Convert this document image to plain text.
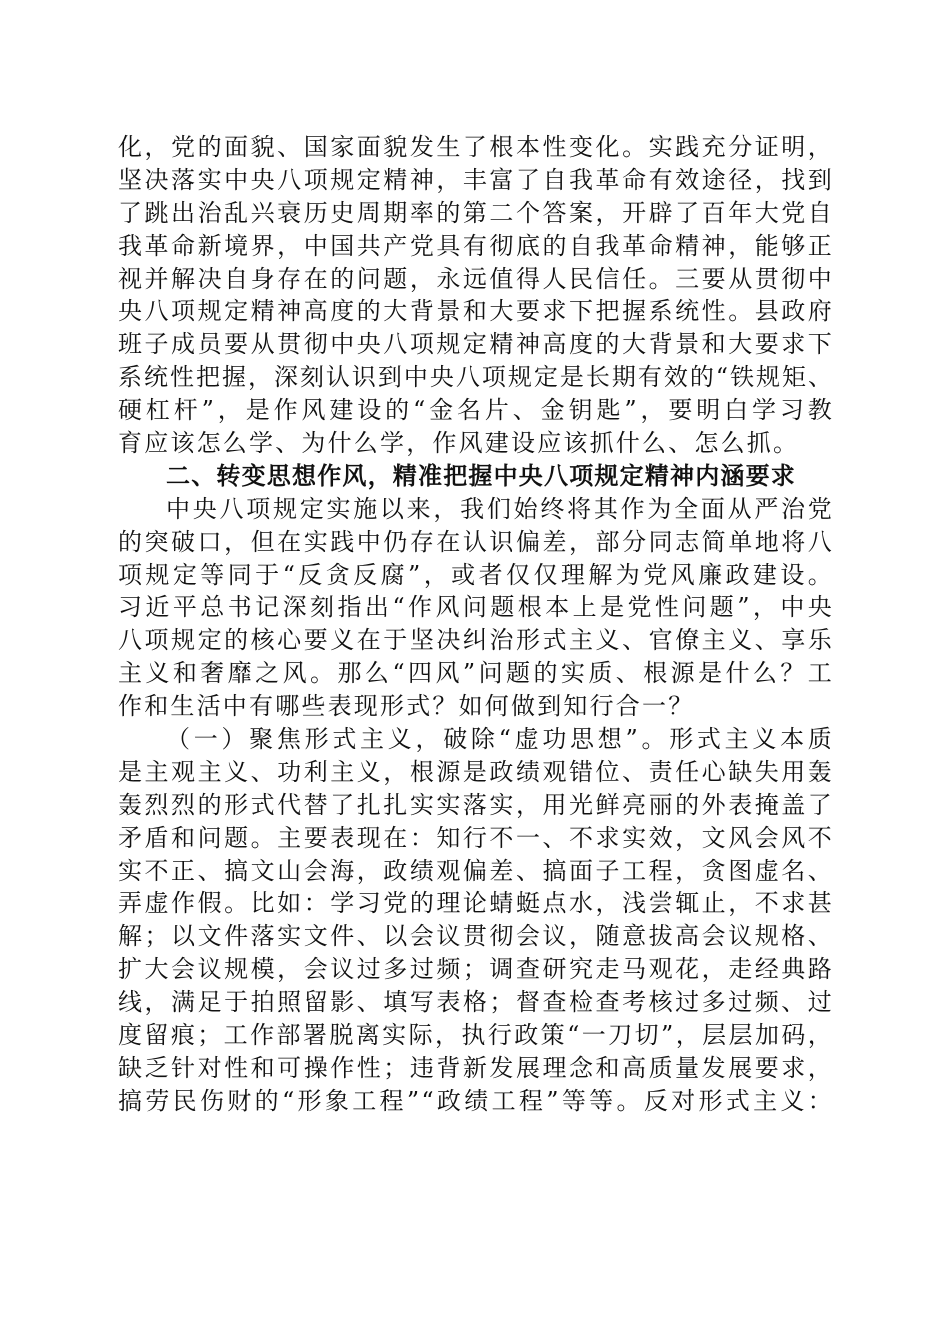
化，党的面貌、国家面貌发生了根本性变化。实践充分证明，
坚决落实中央八项规定精神，丰富了自我革命有效途径，找到
了跳出治乱兴衰历史周期率的第二个答案，开辟了百年大党自
我革命新境界，中国共产党具有彻底的自我革命精神，能够正
视并解决自身存在的问题，永远值得人民信任。三要从贯彻中
央八项规定精神高度的大背景和大要求下把握系统性。县政府
班子成员要从贯彻中央八项规定精神高度的大背景和大要求下
系统性把握，深刻认识到中央八项规定是长期有效的“铁规矩、
硬杠杆”，是作风建设的“金名片、金钥匙”，要明白学习教
育应该怎么学、为什么学，作风建设应该抓什么、怎么抓。
二、转变思想作风，精准把握中央八项规定精神内涵要求
中央八项规定实施以来，我们始终将其作为全面从严治党
的突破口，但在实践中仍存在认识偏差，部分同志简单地将八
项规定等同于“反贪反腐”，或者仅仅理解为党风廉政建设。
习近平总书记深刻指出“作风问题根本上是党性问题”，中央
八项规定的核心要义在于坚决纠治形式主义、官僚主义、享乐
主义和奢靡之风。那么“四风”问题的实质、根源是什么？工
作和生活中有哪些表现形式？如何做到知行合一？
（一）聚焦形式主义，破除“虚功思想”。形式主义本质
是主观主义、功利主义，根源是政绩观错位、责任心缺失用轰
轰烈烈的形式代替了扎扎实实落实，用光鲜亮丽的外表掩盖了
矛盾和问题。主要表现在：知行不一、不求实效，文风会风不
实不正、搞文山会海，政绩观偏差、搞面子工程，贪图虚名、
弄虚作假。比如：学习党的理论蜻蜓点水，浅尝辄止，不求甚
解；以文件落实文件、以会议贯彻会议，随意拔高会议规格、
扩大会议规模，会议过多过频；调查研究走马观花，走经典路
线，满足于拍照留影、填写表格；督查检查考核过多过频、过
度留痕；工作部署脱离实际，执行政策“一刀切”，层层加码，
缺乏针对性和可操作性；违背新发展理念和高质量发展要求，
搞劳民伤财的“形象工程”“政绩工程”等等。反对形式主义：
